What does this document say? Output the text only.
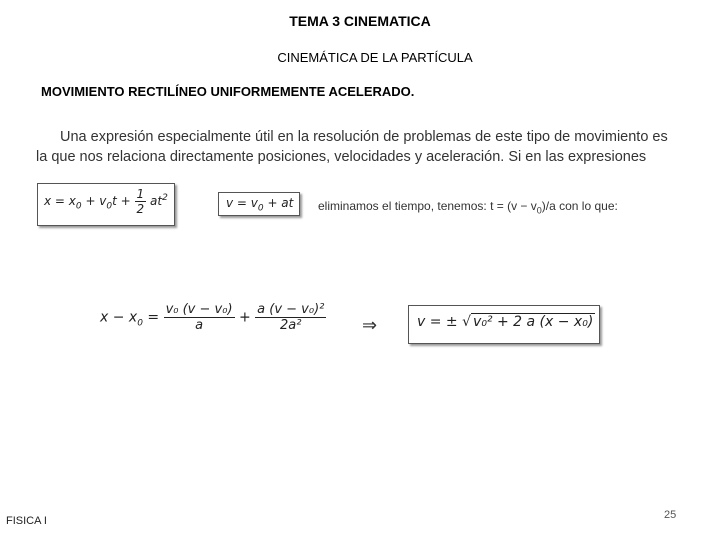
TEMA 3 CINEMATICA
CINEMÁTICA DE LA PARTÍCULA
MOVIMIENTO RECTILÍNEO UNIFORMEMENTE ACELERADO.
Una expresión especialmente útil en la resolución de problemas de este tipo de movimiento es
la que nos relaciona directamente posiciones, velocidades y aceleración. Si en las expresiones
$x = x_0 + v_0t + \frac{1}{2} at^2$	$v = v_0$ + at eliminamos el tiempo, tenemos: $t = (v - v_0)/a$ con lo que:
$x - x_0 = \frac{\text{v₀ (v − v₀)}}{a} + \frac{\text{a (v − v₀)²}}{\text{2a²}}$ ⇒	v = ± √ v₀² + 2 a (x − x₀)
FISICA I	25
